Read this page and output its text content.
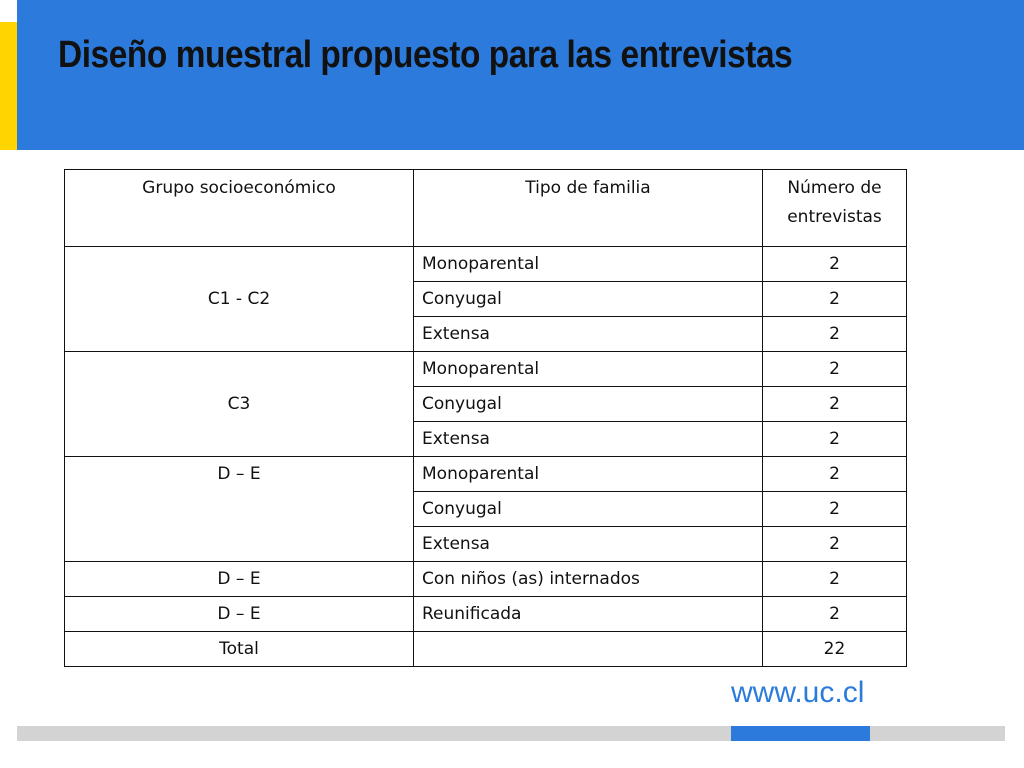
Diseño muestral propuesto para las entrevistas
Grupo socioeconómico	Tipo de familia	Número de entrevistas
C1 - C2	Monoparental	2
	Conyugal	2
	Extensa	2
C3	Monoparental	2
	Conyugal	2
	Extensa	2
D – E	Monoparental	2
	Conyugal	2
	Extensa	2
D – E	Con niños (as) internados	2
D – E	Reunificada	2
Total		22
www.uc.cl
